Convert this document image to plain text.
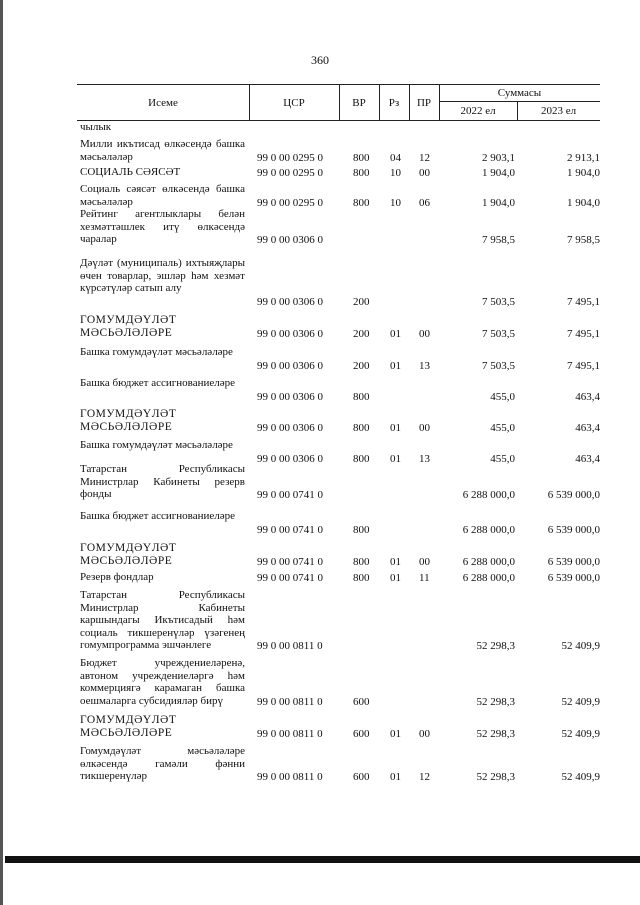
360
Исеме	ЦСР	ВР	Рз	ПР
Суммасы
2022 ел	2023 ел
чылык
Милли икътисад өлкәсендә башка мәсьәләләр	99 0 00 0295 0	800 04 12	2 903,1	2 913,1
СОЦИАЛЬ СӘЯСӘТ	99 0 00 0295 0	800 10 00	1 904,0	1 904,0
Социаль сәясәт өлкәсендә башка мәсьәләләр	99 0 00 0295 0	800 10 06	1 904,0	1 904,0
Рейтинг агентлыклары белән хезмәттәшлек итү өлкәсендә чаралар	99 0 00 0306 0	7 958,5	7 958,5
Дәүләт (муниципаль) ихтыяҗлары өчен товарлар, эшләр һәм хезмәт күрсәтүләр сатып алу
99 0 00 0306 0	200	7 503,5	7 495,1
ГОМУМДӘҮЛӘТ МӘСЬӘЛӘЛӘРЕ	99 0 00 0306 0	200 01 00	7 503,5	7 495,1
Башка гомумдәүләт мәсьәләләре
99 0 00 0306 0	200 01 13	7 503,5	7 495,1
Башка бюджет ассигнованиеләре
99 0 00 0306 0	800	455,0	463,4
ГОМУМДӘҮЛӘТ МӘСЬӘЛӘЛӘРЕ	99 0 00 0306 0	800 01 00	455,0	463,4
Башка гомумдәүләт мәсьәләләре
99 0 00 0306 0	800 01 13	455,0	463,4
Татарстан Республикасы Министрлар Кабинеты резерв фонды	99 0 00 0741 0	6 288 000,0	6 539 000,0
Башка бюджет ассигнованиеләре
99 0 00 0741 0	800	6 288 000,0	6 539 000,0
ГОМУМДӘҮЛӘТ МӘСЬӘЛӘЛӘРЕ	99 0 00 0741 0	800 01 00	6 288 000,0	6 539 000,0
Резерв фондлар	99 0 00 0741 0	800 01 11	6 288 000,0	6 539 000,0
Татарстан Республикасы Министрлар Кабинеты каршындагы Икътисадый һәм социаль тикшеренүләр үзәгенең гомумпрограмма эшчәнлеге	99 0 00 0811 0	52 298,3	52 409,9
Бюджет учреждениеләренә, автоном учреждениеләргә һәм коммерциягә карамаган башка оешмаларга субсидияләр бирү	99 0 00 0811 0	600	52 298,3	52 409,9
ГОМУМДӘҮЛӘТ МӘСЬӘЛӘЛӘРЕ	99 0 00 0811 0	600 01 00	52 298,3	52 409,9
Гомумдәүләт мәсьәләләре өлкәсендә гамәли фәнни тикшеренүләр	99 0 00 0811 0	600 01 12	52 298,3	52 409,9
